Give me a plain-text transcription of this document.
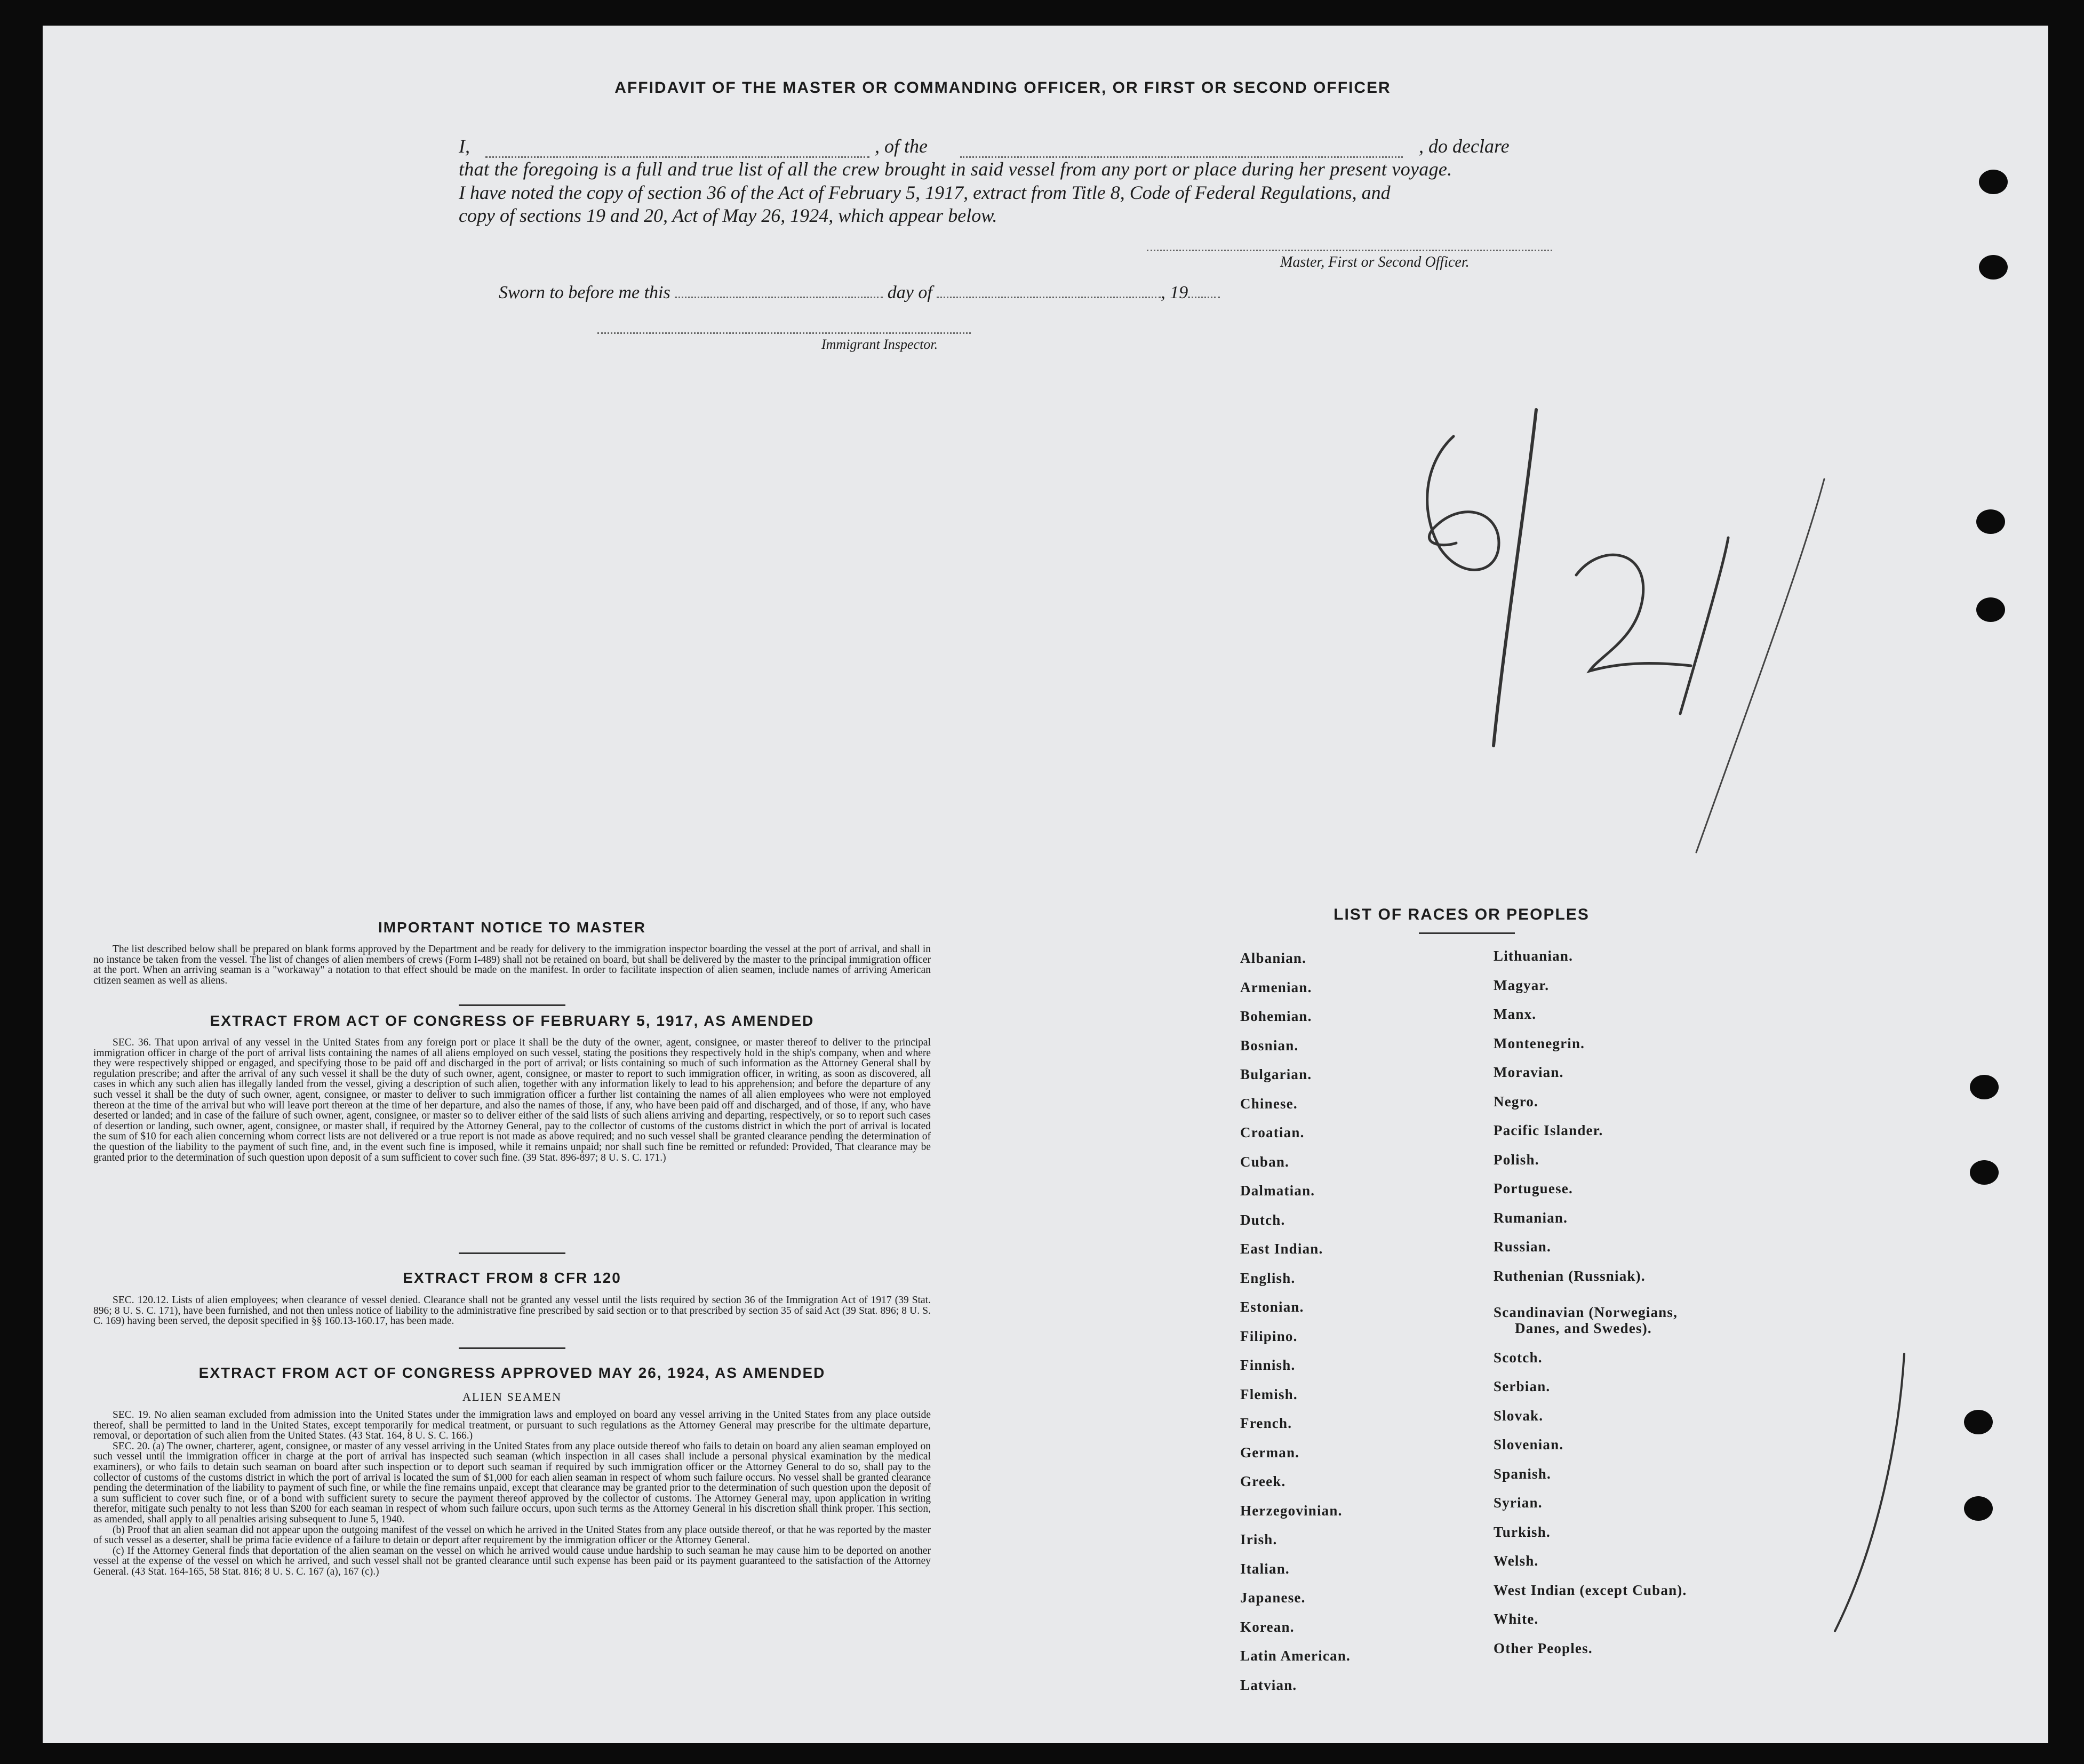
AFFIDAVIT OF THE MASTER OR COMMANDING OFFICER, OR FIRST OR SECOND OFFICER
I,	, of the	, do declare
that the foregoing is a full and true list of all the crew brought in said vessel from any port or place during her present voyage.
I have noted the copy of section 36 of the Act of February 5, 1917, extract from Title 8, Code of Federal Regulations, and
copy of sections 19 and 20, Act of May 26, 1924, which appear below.
Master, First or Second Officer.
Sworn to before me this	day of	, 19
Immigrant Inspector.
IMPORTANT NOTICE TO MASTER

The list described below shall be prepared on blank forms approved by the Department and be ready for delivery to the immigration inspector boarding the vessel at the port of arrival, and shall in no instance be taken from the vessel. The list of changes of alien members of crews (Form I-489) shall not be retained on board, but shall be delivered by the master to the principal immigration officer at the port. When an arriving seaman is a "workaway" a notation to that effect should be made on the manifest. In order to facilitate inspection of alien seamen, include names of arriving American citizen seamen as well as aliens.

EXTRACT FROM ACT OF CONGRESS OF FEBRUARY 5, 1917, AS AMENDED

SEC. 36. That upon arrival of any vessel in the United States from any foreign port or place it shall be the duty of the owner, agent, consignee, or master thereof to deliver to the principal immigration officer in charge of the port of arrival lists containing the names of all aliens employed on such vessel, stating the positions they respectively hold in the ship's company, when and where they were respectively shipped or engaged, and specifying those to be paid off and discharged in the port of arrival; or lists containing so much of such information as the Attorney General shall by regulation prescribe; and after the arrival of any such vessel it shall be the duty of such owner, agent, consignee, or master to report to such immigration officer, in writing, as soon as discovered, all cases in which any such alien has illegally landed from the vessel, giving a description of such alien, together with any information likely to lead to his apprehension; and before the departure of any such vessel it shall be the duty of such owner, agent, consignee, or master to deliver to such immigration officer a further list containing the names of all alien employees who were not employed thereon at the time of the arrival but who will leave port thereon at the time of her departure, and also the names of those, if any, who have been paid off and discharged, and of those, if any, who have deserted or landed; and in case of the failure of such owner, agent, consignee, or master so to deliver either of the said lists of such aliens arriving and departing, respectively, or so to report such cases of desertion or landing, such owner, agent, consignee, or master shall, if required by the Attorney General, pay to the collector of customs of the customs district in which the port of arrival is located the sum of $10 for each alien concerning whom correct lists are not delivered or a true report is not made as above required; and no such vessel shall be granted clearance pending the determination of the question of the liability to the payment of such fine, and, in the event such fine is imposed, while it remains unpaid; nor shall such fine be remitted or refunded: Provided, That clearance may be granted prior to the determination of such question upon deposit of a sum sufficient to cover such fine. (39 Stat. 896-897; 8 U. S. C. 171.)

EXTRACT FROM 8 CFR 120

SEC. 120.12. Lists of alien employees; when clearance of vessel denied. Clearance shall not be granted any vessel until the lists required by section 36 of the Immigration Act of 1917 (39 Stat. 896; 8 U. S. C. 171), have been furnished, and not then unless notice of liability to the administrative fine prescribed by said section or to that prescribed by section 35 of said Act (39 Stat. 896; 8 U. S. C. 169) having been served, the deposit specified in §§ 160.13-160.17, has been made.

EXTRACT FROM ACT OF CONGRESS APPROVED MAY 26, 1924, AS AMENDED
ALIEN SEAMEN

SEC. 19. No alien seaman excluded from admission into the United States under the immigration laws and employed on board any vessel arriving in the United States from any place outside thereof, shall be permitted to land in the United States, except temporarily for medical treatment, or pursuant to such regulations as the Attorney General may prescribe for the ultimate departure, removal, or deportation of such alien from the United States. (43 Stat. 164, 8 U. S. C. 166.)

SEC. 20. (a) The owner, charterer, agent, consignee, or master of any vessel arriving in the United States from any place outside thereof who fails to detain on board any alien seaman employed on such vessel until the immigration officer in charge at the port of arrival has inspected such seaman (which inspection in all cases shall include a personal physical examination by the medical examiners), or who fails to detain such seaman on board after such inspection or to deport such seaman if required by such immigration officer or the Attorney General to do so, shall pay to the collector of customs of the customs district in which the port of arrival is located the sum of $1,000 for each alien seaman in respect of whom such failure occurs. No vessel shall be granted clearance pending the determination of the liability to payment of such fine, or while the fine remains unpaid, except that clearance may be granted prior to the determination of such question upon the deposit of a sum sufficient to cover such fine, or of a bond with sufficient surety to secure the payment thereof approved by the collector of customs. The Attorney General may, upon application in writing therefor, mitigate such penalty to not less than $200 for each seaman in respect of whom such failure occurs, upon such terms as the Attorney General in his discretion shall think proper. This section, as amended, shall apply to all penalties arising subsequent to June 5, 1940.

(b) Proof that an alien seaman did not appear upon the outgoing manifest of the vessel on which he arrived in the United States from any place outside thereof, or that he was reported by the master of such vessel as a deserter, shall be prima facie evidence of a failure to detain or deport after requirement by the immigration officer or the Attorney General.

(c) If the Attorney General finds that deportation of the alien seaman on the vessel on which he arrived would cause undue hardship to such seaman he may cause him to be deported on another vessel at the expense of the vessel on which he arrived, and such vessel shall not be granted clearance until such expense has been paid or its payment guaranteed to the satisfaction of the Attorney General. (43 Stat. 164-165, 58 Stat. 816; 8 U. S. C. 167 (a), 167 (c).)

LIST OF RACES OR PEOPLES
Albanian.
Armenian.
Bohemian.
Bosnian.
Bulgarian.
Chinese.
Croatian.
Cuban.
Dalmatian.
Dutch.
East Indian.
English.
Estonian.
Filipino.
Finnish.
Flemish.
French.
German.
Greek.
Herzegovinian.
Irish.
Italian.
Japanese.
Korean.
Latin American.
Latvian.
Lithuanian.
Magyar.
Manx.
Montenegrin.
Moravian.
Negro.
Pacific Islander.
Polish.
Portuguese.
Rumanian.
Russian.
Ruthenian (Russniak).
Scandinavian (Norwegians,
Danes, and Swedes).
Scotch.
Serbian.
Slovak.
Slovenian.
Spanish.
Syrian.
Turkish.
Welsh.
West Indian (except Cuban).
White.
Other Peoples.
